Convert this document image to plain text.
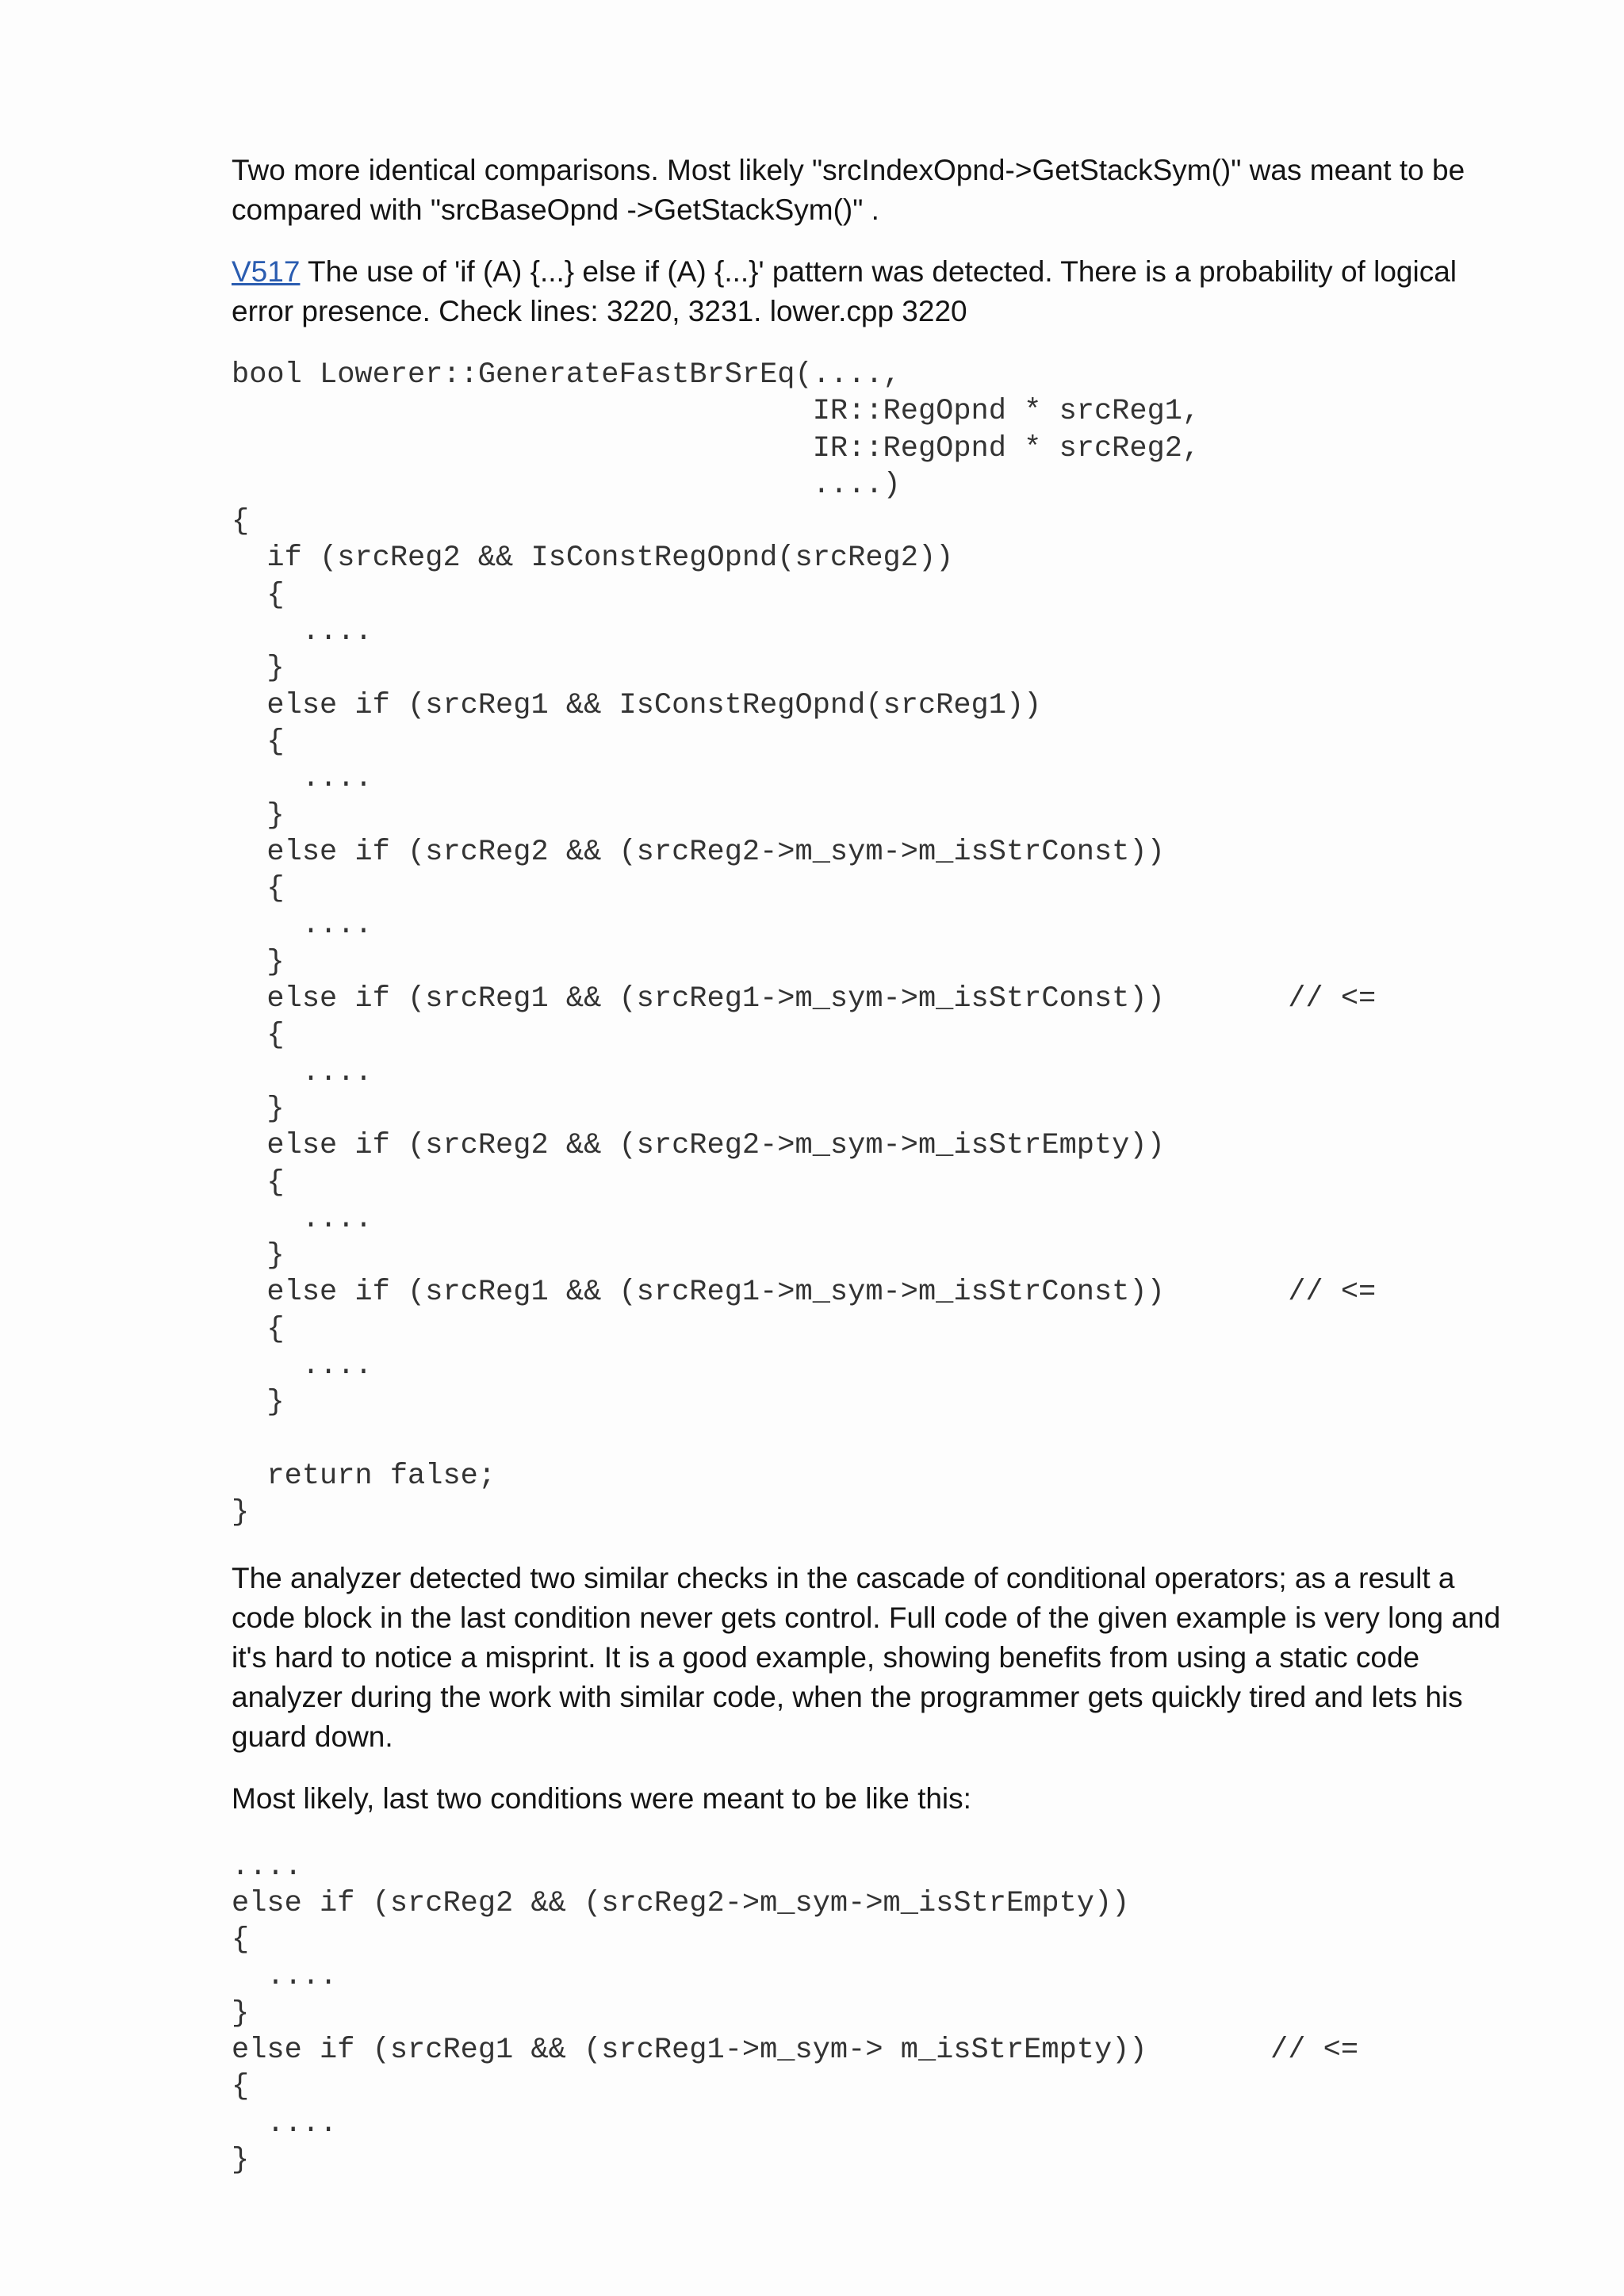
Two more identical comparisons. Most likely "srcIndexOpnd->GetStackSym()" was meant to be compared with "srcBaseOpnd ->GetStackSym()" .

V517 The use of 'if (A) {...} else if (A) {...}' pattern was detected. There is a probability of logical error presence. Check lines: 3220, 3231. lower.cpp 3220

bool Lowerer::GenerateFastBrSrEq(....,
IR::RegOpnd * srcReg1,
IR::RegOpnd * srcReg2,
....)
{
if (srcReg2 && IsConstRegOpnd(srcReg2))
{
....
}
else if (srcReg1 && IsConstRegOpnd(srcReg1))
{
....
}
else if (srcReg2 && (srcReg2->m_sym->m_isStrConst))
{
....
}
else if (srcReg1 && (srcReg1->m_sym->m_isStrConst))       // <=
{
....
}
else if (srcReg2 && (srcReg2->m_sym->m_isStrEmpty))
{
....
}
else if (srcReg1 && (srcReg1->m_sym->m_isStrConst))       // <=
{
....
}

return false;
}

The analyzer detected two similar checks in the cascade of conditional operators; as a result a code block in the last condition never gets control. Full code of the given example is very long and it's hard to notice a misprint. It is a good example, showing benefits from using a static code analyzer during the work with similar code, when the programmer gets quickly tired and lets his guard down.

Most likely, last two conditions were meant to be like this:

....
else if (srcReg2 && (srcReg2->m_sym->m_isStrEmpty))
{
....
}
else if (srcReg1 && (srcReg1->m_sym-> m_isStrEmpty))       // <=
{
....
}
